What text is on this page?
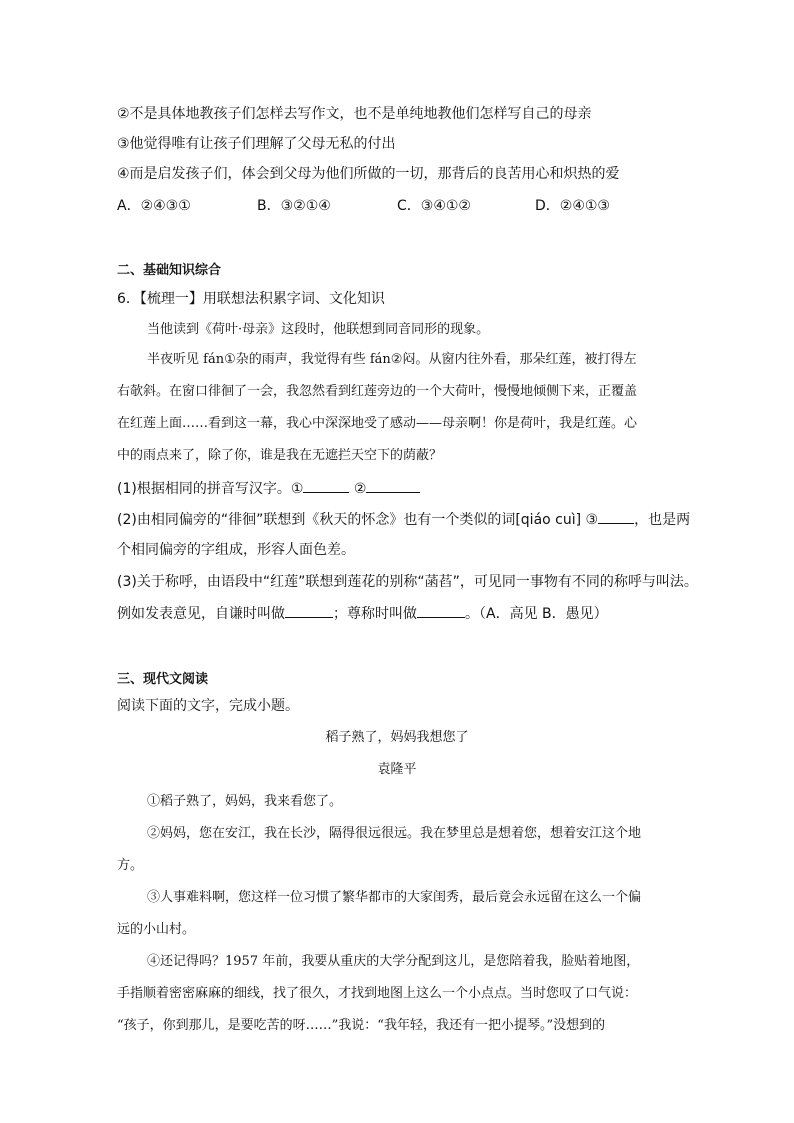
②不是具体地教孩子们怎样去写作文，也不是单纯地教他们怎样写自己的母亲
③他觉得唯有让孩子们理解了父母无私的付出
④而是启发孩子们，体会到父母为他们所做的一切，那背后的良苦用心和炽热的爱
A．②④③①	B．③②①④	C．③④①②	D．②④①③
二、基础知识综合
6．【梳理一】用联想法积累字词、文化知识
当他读到《荷叶·母亲》这段时，他联想到同音同形的现象。
半夜听见 fán①杂的雨声，我觉得有些 fán②闷。从窗内往外看，那朵红莲，被打得左
右欹斜。在窗口徘徊了一会，我忽然看到红莲旁边的一个大荷叶，慢慢地倾侧下来，正覆盖
在红莲上面……看到这一幕，我心中深深地受了感动——母亲啊！你是荷叶，我是红莲。心
中的雨点来了，除了你，谁是我在无遮拦天空下的荫蔽？
(1)根据相同的拼音写汉字。①	②
(2)由相同偏旁的“徘徊”联想到《秋天的怀念》也有一个类似的词[qiáo cuì] ③	，也是两
个相同偏旁的字组成，形容人面色差。
(3)关于称呼，由语段中“红莲”联想到莲花的别称“菡萏”，可见同一事物有不同的称呼与叫法。
例如发表意见，自谦时叫做	；尊称时叫做	。（A．高见 B．愚见）
三、现代文阅读
阅读下面的文字，完成小题。
稻子熟了，妈妈我想您了
袁隆平
①稻子熟了，妈妈，我来看您了。
②妈妈，您在安江，我在长沙，隔得很远很远。我在梦里总是想着您，想着安江这个地
方。
③人事难料啊，您这样一位习惯了繁华都市的大家闺秀，最后竟会永远留在这么一个偏
远的小山村。
④还记得吗？1957 年前，我要从重庆的大学分配到这儿，是您陪着我，脸贴着地图，
手指顺着密密麻麻的细线，找了很久，才找到地图上这么一个小点点。当时您叹了口气说：
“孩子，你到那儿，是要吃苦的呀……”我说：“我年轻，我还有一把小提琴。”没想到的
